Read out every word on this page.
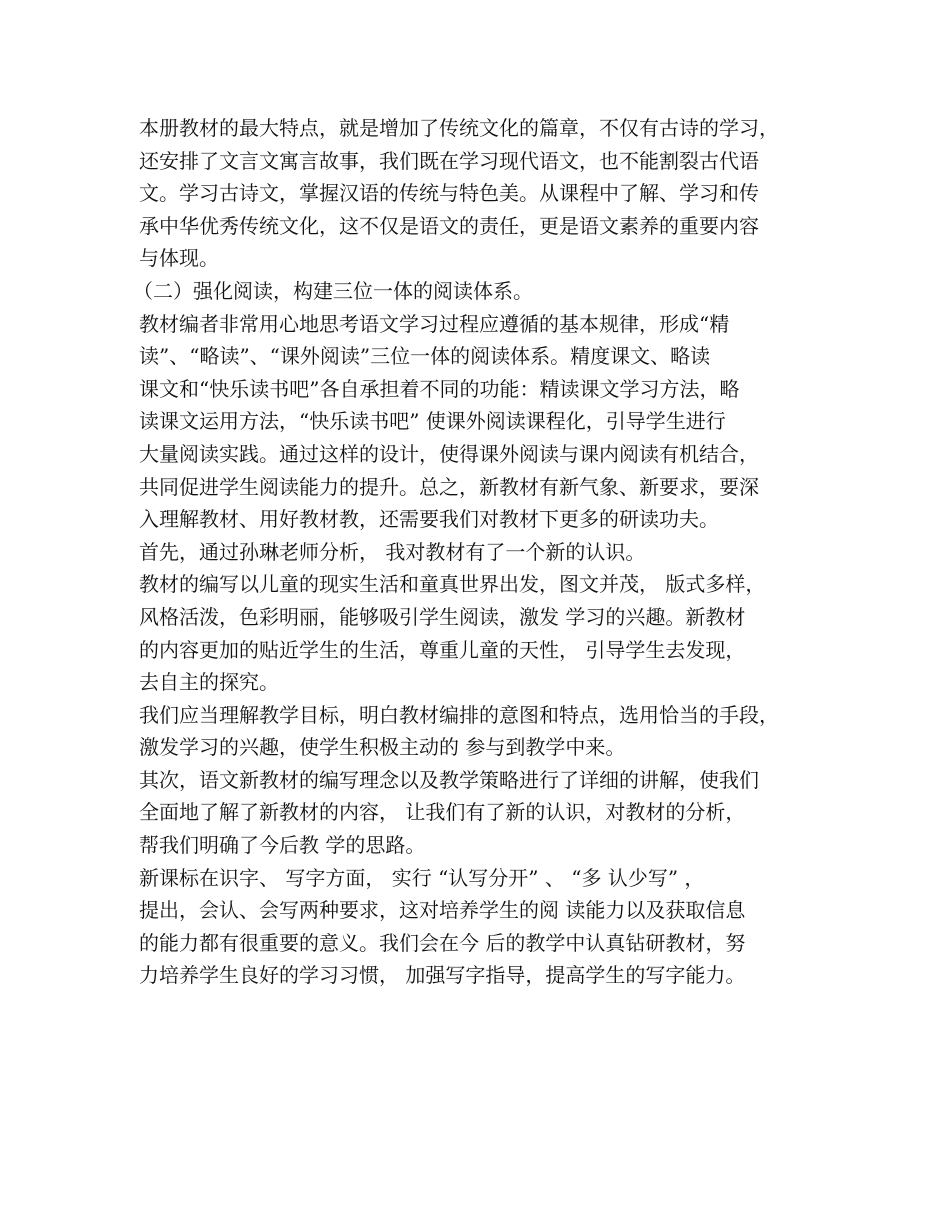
本册教材的最大特点，就是增加了传统文化的篇章，不仅有古诗的学习，
还安排了文言文寓言故事，我们既在学习现代语文，也不能割裂古代语
文。学习古诗文，掌握汉语的传统与特色美。从课程中了解、学习和传
承中华优秀传统文化，这不仅是语文的责任，更是语文素养的重要内容
与体现。
（二）强化阅读，构建三位一体的阅读体系。
教材编者非常用心地思考语文学习过程应遵循的基本规律，形成“精
读”、“略读”、“课外阅读”三位一体的阅读体系。精度课文、略读
课文和“快乐读书吧”各自承担着不同的功能：精读课文学习方法，略
读课文运用方法，“快乐读书吧” 使课外阅读课程化，引导学生进行
大量阅读实践。通过这样的设计，使得课外阅读与课内阅读有机结合，
共同促进学生阅读能力的提升。总之，新教材有新气象、新要求，要深
入理解教材、用好教材教，还需要我们对教材下更多的研读功夫。
首先，通过孙琳老师分析， 我对教材有了一个新的认识。
教材的编写以儿童的现实生活和童真世界出发，图文并茂， 版式多样，
风格活泼，色彩明丽，能够吸引学生阅读，激发 学习的兴趣。新教材
的内容更加的贴近学生的生活，尊重儿童的天性， 引导学生去发现，
去自主的探究。
我们应当理解教学目标，明白教材编排的意图和特点，选用恰当的手段，
激发学习的兴趣，使学生积极主动的 参与到教学中来。
其次，语文新教材的编写理念以及教学策略进行了详细的讲解，使我们
全面地了解了新教材的内容， 让我们有了新的认识，对教材的分析，
帮我们明确了今后教 学的思路。
新课标在识字、 写字方面， 实行 “认写分开” 、 “多 认少写” ，
提出，会认、会写两种要求，这对培养学生的阅 读能力以及获取信息
的能力都有很重要的意义。我们会在今 后的教学中认真钻研教材，努
力培养学生良好的学习习惯， 加强写字指导，提高学生的写字能力。
